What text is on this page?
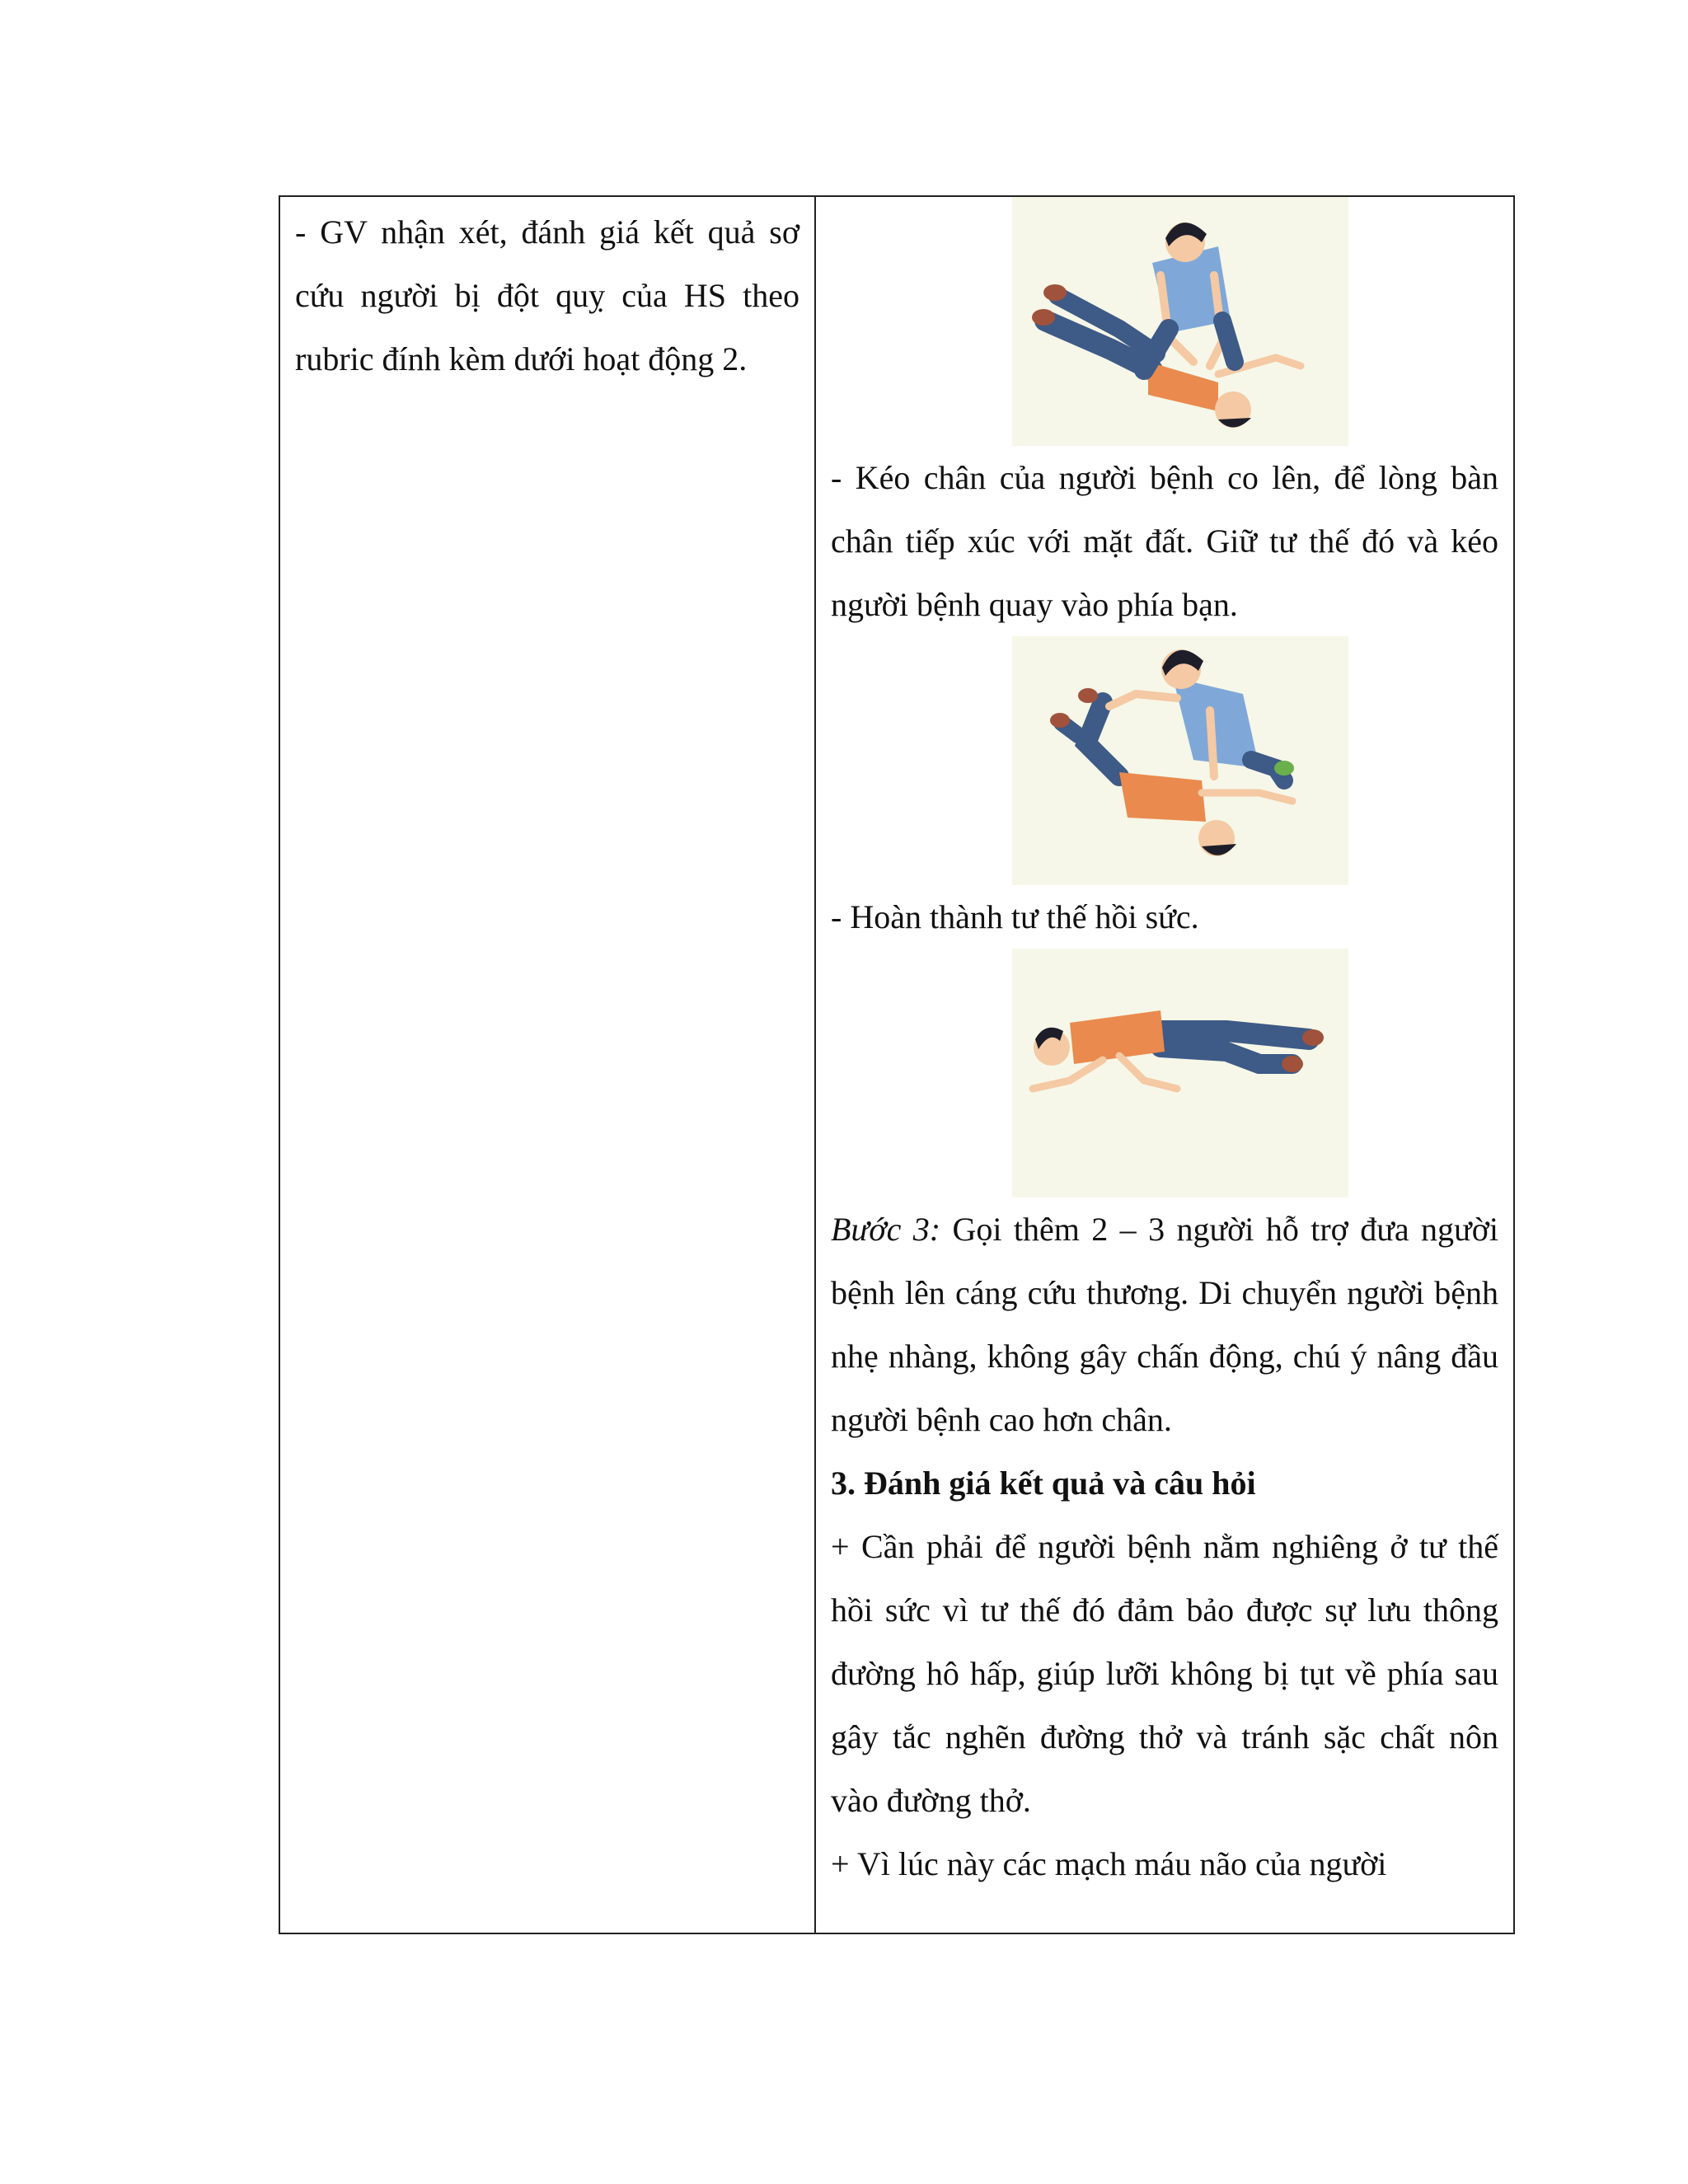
- GV nhận xét, đánh giá kết quả sơ cứu người bị đột quỵ của HS theo rubric đính kèm dưới hoạt động 2.

- Kéo chân của người bệnh co lên, để lòng bàn chân tiếp xúc với mặt đất. Giữ tư thế đó và kéo người bệnh quay vào phía bạn.

- Hoàn thành tư thế hồi sức.

Bước 3: Gọi thêm 2 – 3 người hỗ trợ đưa người bệnh lên cáng cứu thương. Di chuyển người bệnh nhẹ nhàng, không gây chấn động, chú ý nâng đầu người bệnh cao hơn chân.

3. Đánh giá kết quả và câu hỏi

+ Cần phải để người bệnh nằm nghiêng ở tư thế hồi sức vì tư thế đó đảm bảo được sự lưu thông đường hô hấp, giúp lưỡi không bị tụt về phía sau gây tắc nghẽn đường thở và tránh sặc chất nôn vào đường thở.

+ Vì lúc này các mạch máu não của người
